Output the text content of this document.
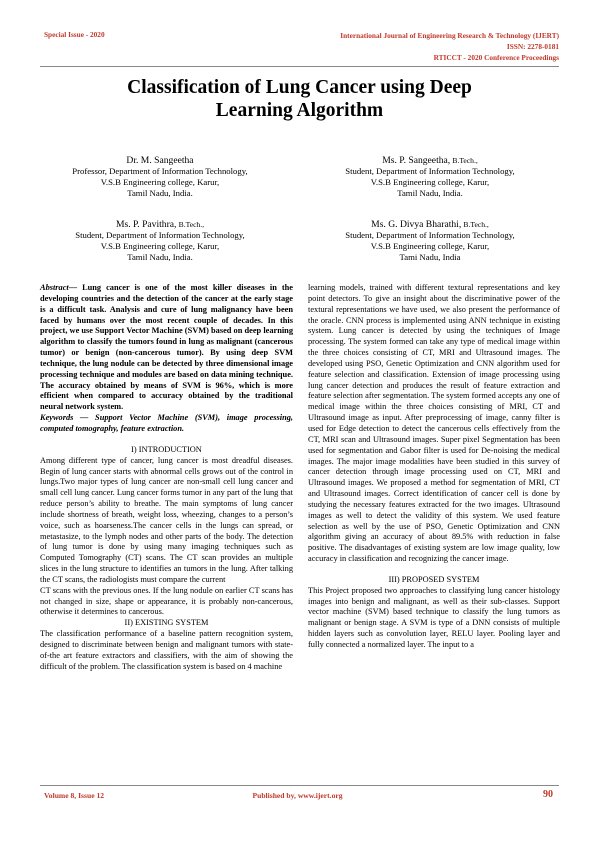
Special Issue - 2020	International Journal of Engineering Research & Technology (IJERT)
ISSN: 2278-0181
RTICCT - 2020 Conference Proceedings
Classification of Lung Cancer using Deep
Learning Algorithm
Dr. M. Sangeetha
Professor, Department of Information Technology,
V.S.B Engineering college, Karur,
Tamil Nadu, India.
Ms. P. Sangeetha, B.Tech.,
Student, Department of Information Technology,
V.S.B Engineering college, Karur,
Tamil Nadu, India.
Ms. P. Pavithra, B.Tech.,
Student, Department of Information Technology,
V.S.B Engineering college, Karur,
Tamil Nadu, India.
Ms. G. Divya Bharathi, B.Tech.,
Student, Department of Information Technology,
V.S.B Engineering college, Karur,
Tami Nadu, India

Abstract— Lung cancer is one of the most killer diseases in the developing countries and the detection of the cancer at the early stage is a difficult task. Analysis and cure of lung malignancy have been faced by humans over the most recent couple of decades. In this project, we use Support Vector Machine (SVM) based on deep learning algorithm to classify the tumors found in lung as malignant (cancerous tumor) or benign (non-cancerous tumor). By using deep SVM technique, the lung nodule can be detected by three dimensional image processing technique and modules are based on data mining technique. The accuracy obtained by means of SVM is 96%, which is more efficient when compared to accuracy obtained by the traditional neural network system.

Keywords — Support Vector Machine (SVM), image processing, computed tomography, feature extraction.

I) INTRODUCTION

Among different type of cancer, lung cancer is most dreadful diseases. Begin of lung cancer starts with abnormal cells grows out of the control in lungs.Two major types of lung cancer are non-small cell lung cancer and small cell lung cancer. Lung cancer forms tumor in any part of the lung that reduce person’s ability to breathe. The main symptoms of lung cancer include shortness of breath, weight loss, wheezing, changes to a person’s voice, such as hoarseness.The cancer cells in the lungs can spread, or metastasize, to the lymph nodes and other parts of the body. The detection of lung tumor is done by using many imaging techniques such as Computed Tomography (CT) scans. The CT scan provides an multiple slices in the lung structure to identifies an tumors in the lung. After talking the CT scans, the radiologists must compare the current

CT scans with the previous ones. If the lung nodule on earlier CT scans has not changed in size, shape or appearance, it is probably non-cancerous, otherwise it determines to cancerous.

II) EXISTING SYSTEM

The classification performance of a baseline pattern recognition system, designed to discriminate between benign and malignant tumors with state-of-the art feature extractors and classifiers, with the aim of showing the difficult of the problem. The classification system is based on 4 machine

learning models, trained with different textural representations and key point detectors. To give an insight about the discriminative power of the textural representations we have used, we also present the performance of the oracle. CNN process is implemented using ANN technique in existing system. Lung cancer is detected by using the techniques of Image processing. The system formed can take any type of medical image within the three choices consisting of CT, MRI and Ultrasound images. The developed using PSO, Genetic Optimization and CNN algorithm used for feature selection and classification. Extension of image processing using lung cancer detection and produces the result of feature extraction and feature selection after segmentation. The system formed accepts any one of medical image within the three choices consisting of MRI, CT and Ultrasound image as input. After preprocessing of image, canny filter is used for Edge detection to detect the cancerous cells effectively from the CT, MRI scan and Ultrasound images. Super pixel Segmentation has been used for segmentation and Gabor filter is used for De-noising the medical images. The major image modalities have been studied in this survey of cancer detection through image processing used on CT, MRI and Ultrasound images. We proposed a method for segmentation of MRI, CT and Ultrasound images. Correct identification of cancer cell is done by studying the necessary features extracted for the two images. Ultrasound images as well to detect the validity of this system. We used feature selection as well by the use of PSO, Genetic Optimization and CNN algorithm giving an accuracy of about 89.5% with reduction in false positive. The disadvantages of existing system are low image quality, low accuracy in classification and recognizing the cancer image.

III) PROPOSED SYSTEM

This Project proposed two approaches to classifying lung cancer histology images into benign and malignant, as well as their sub-classes. Support vector machine (SVM) based technique to classify the lung tumors as malignant or benign stage. A SVM is type of a DNN consists of multiple hidden layers such as convolution layer, RELU layer. Pooling layer and fully connected a normalized layer. The input to a

Volume 8, Issue 12	Published by, www.ijert.org	90
